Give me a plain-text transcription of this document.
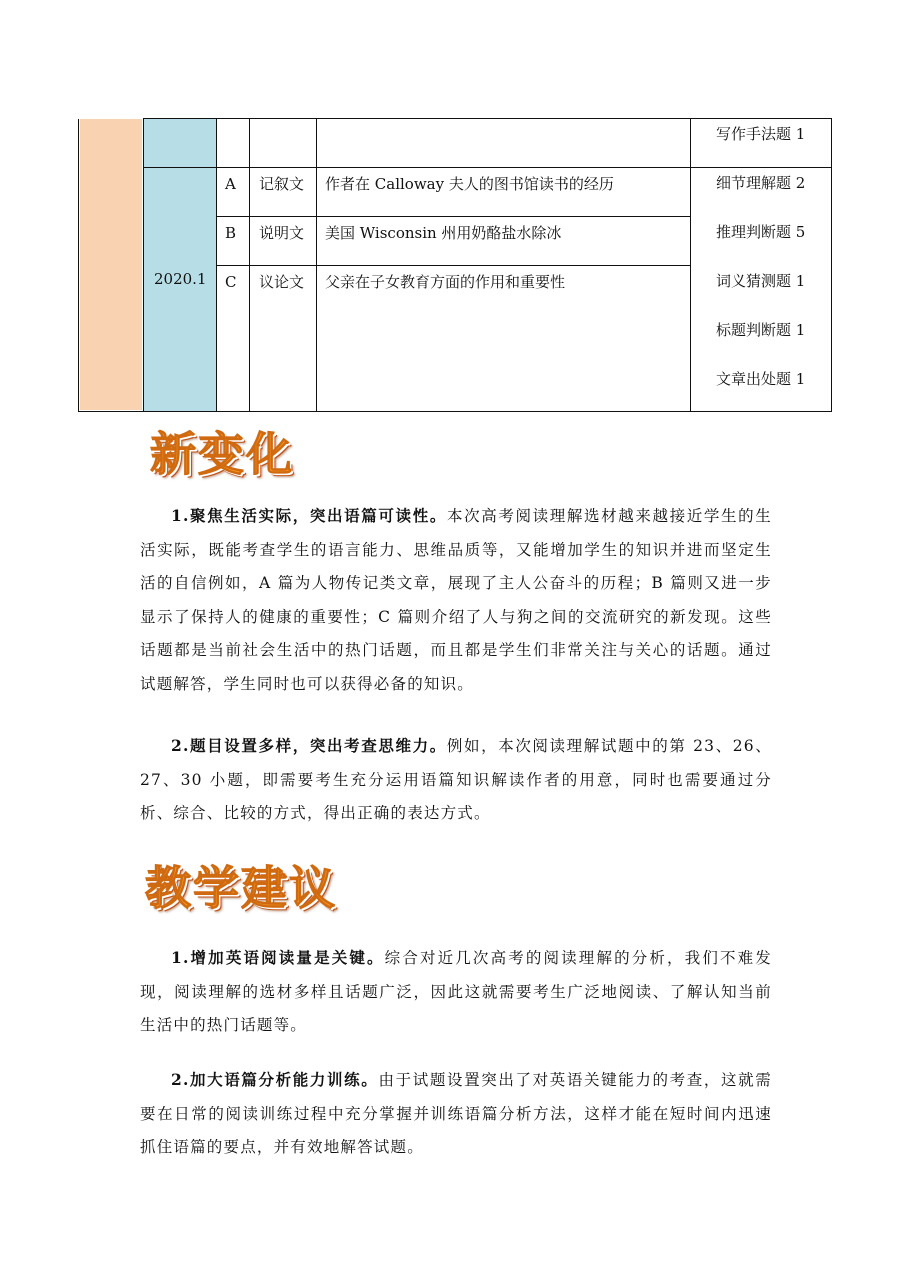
写作手法题 1
2020.1
A 记叙文 作者在 Calloway 夫人的图书馆读书的经历
B 说明文 美国 Wisconsin 州用奶酪盐水除冰
C 议论文 父亲在子女教育方面的作用和重要性
细节理解题 2
推理判断题 5
词义猜测题 1
标题判断题 1
文章出处题 1
新变化
1.聚焦生活实际，突出语篇可读性。本次高考阅读理解选材越来越接近学生的生活实际，既能考查学生的语言能力、思维品质等，又能增加学生的知识并进而坚定生活的自信例如，A 篇为人物传记类文章，展现了主人公奋斗的历程；B 篇则又进一步显示了保持人的健康的重要性；C 篇则介绍了人与狗之间的交流研究的新发现。这些话题都是当前社会生活中的热门话题，而且都是学生们非常关注与关心的话题。通过试题解答，学生同时也可以获得必备的知识。
2.题目设置多样，突出考查思维力。例如，本次阅读理解试题中的第 23、26、27、30 小题，即需要考生充分运用语篇知识解读作者的用意，同时也需要通过分析、综合、比较的方式，得出正确的表达方式。
教学建议
1.增加英语阅读量是关键。综合对近几次高考的阅读理解的分析，我们不难发现，阅读理解的选材多样且话题广泛，因此这就需要考生广泛地阅读、了解认知当前生活中的热门话题等。
2.加大语篇分析能力训练。由于试题设置突出了对英语关键能力的考查，这就需要在日常的阅读训练过程中充分掌握并训练语篇分析方法，这样才能在短时间内迅速抓住语篇的要点，并有效地解答试题。
